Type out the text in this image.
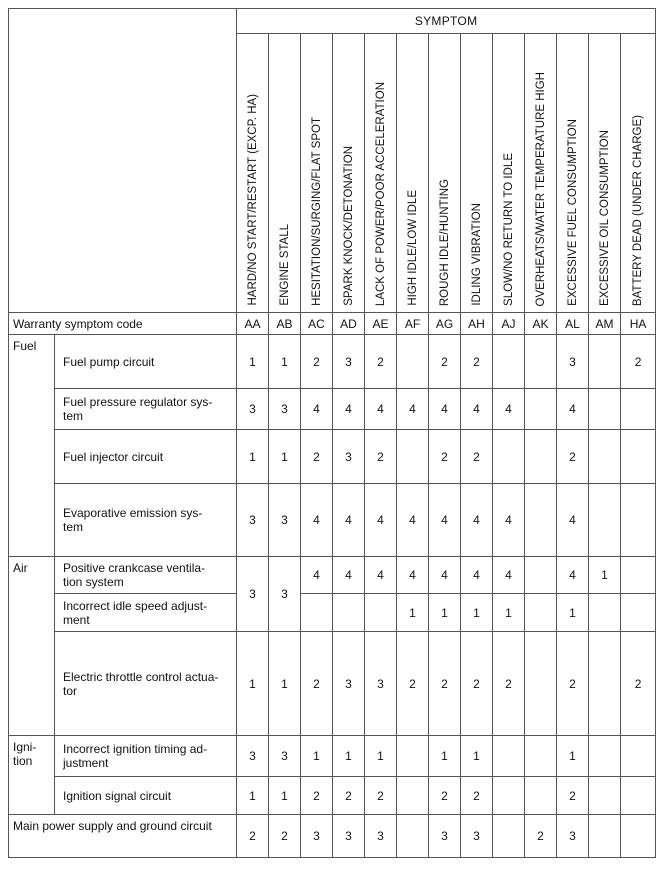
		SYMPTOM												

		HARD/NO START/RESTART (EXCP. HA)	ENGINE STALL	HESITATION/SURGING/FLAT SPOT	SPARK KNOCK/DETONATION	LACK OF POWER/POOR ACCELERATION	HIGH IDLE/LOW IDLE	ROUGH IDLE/HUNTING	IDLING VIBRATION	SLOW/NO RETURN TO IDLE	OVERHEATS/WATER TEMPERATURE HIGH	EXCESSIVE FUEL CONSUMPTION	EXCESSIVE OIL CONSUMPTION	BATTERY DEAD (UNDER CHARGE)

Warranty symptom code		AA	AB	AC	AD	AE	AF	AG	AH	AJ	AK	AL	AM	HA
Fuel	Fuel pump circuit	1	1	2	3	2		2	2			3		2
	Fuel pressure regulator sys-
tem	3	3	4	4	4	4	4	4	4		4		
	Fuel injector circuit	1	1	2	3	2		2	2			2		
	Evaporative emission sys-
tem	3	3	4	4	4	4	4	4	4		4		
Air	Positive crankcase ventila-
tion system	3	3	4	4	4	4	4	4	4		4	1	
	Incorrect idle speed adjust-
ment						1	1	1	1		1		
	Electric throttle control actua-
tor	1	1	2	3	3	2	2	2	2		2		2
Igni-
tion	Incorrect ignition timing ad-
justment	3	3	1	1	1		1	1			1		
	Ignition signal circuit	1	1	2	2	2		2	2			2		
Main power supply and ground circuit		2	2	3	3	3		3	3		2	3		
